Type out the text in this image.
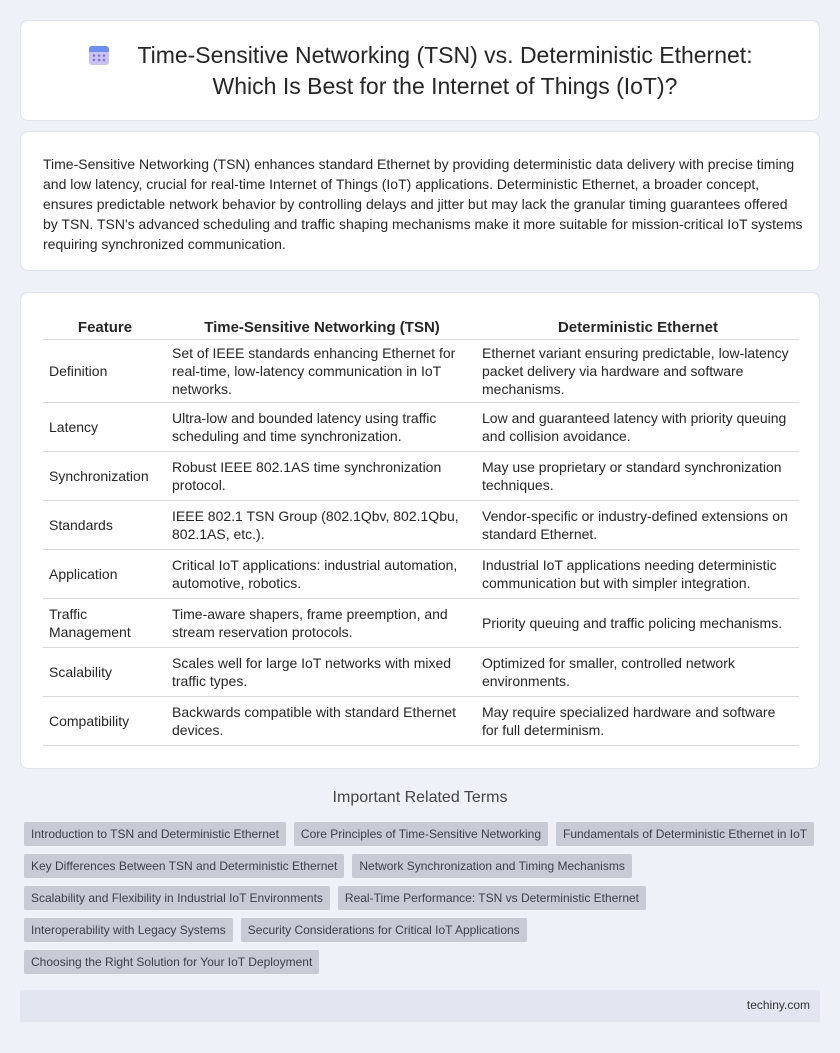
Time-Sensitive Networking (TSN) vs. Deterministic Ethernet:
Which Is Best for the Internet of Things (IoT)?

Time-Sensitive Networking (TSN) enhances standard Ethernet by providing deterministic data delivery with precise timing and low latency, crucial for real-time Internet of Things (IoT) applications. Deterministic Ethernet, a broader concept, ensures predictable network behavior by controlling delays and jitter but may lack the granular timing guarantees offered by TSN. TSN's advanced scheduling and traffic shaping mechanisms make it more suitable for mission-critical IoT systems requiring synchronized communication.

Feature	Time-Sensitive Networking (TSN)	Deterministic Ethernet
Definition	Set of IEEE standards enhancing Ethernet for real-time, low-latency communication in IoT networks.	Ethernet variant ensuring predictable, low-latency packet delivery via hardware and software mechanisms.
Latency	Ultra-low and bounded latency using traffic scheduling and time synchronization.	Low and guaranteed latency with priority queuing and collision avoidance.
Synchronization	Robust IEEE 802.1AS time synchronization protocol.	May use proprietary or standard synchronization techniques.
Standards	IEEE 802.1 TSN Group (802.1Qbv, 802.1Qbu, 802.1AS, etc.).	Vendor-specific or industry-defined extensions on standard Ethernet.
Application	Critical IoT applications: industrial automation, automotive, robotics.	Industrial IoT applications needing deterministic communication but with simpler integration.
Traffic Management	Time-aware shapers, frame preemption, and stream reservation protocols.	Priority queuing and traffic policing mechanisms.
Scalability	Scales well for large IoT networks with mixed traffic types.	Optimized for smaller, controlled network environments.
Compatibility	Backwards compatible with standard Ethernet devices.	May require specialized hardware and software for full determinism.
Important Related Terms
Introduction to TSN and Deterministic Ethernet	Core Principles of Time-Sensitive Networking	Fundamentals of Deterministic Ethernet in IoT
Key Differences Between TSN and Deterministic Ethernet	Network Synchronization and Timing Mechanisms
Scalability and Flexibility in Industrial IoT Environments	Real-Time Performance: TSN vs Deterministic Ethernet
Interoperability with Legacy Systems	Security Considerations for Critical IoT Applications
Choosing the Right Solution for Your IoT Deployment
techiny.com
